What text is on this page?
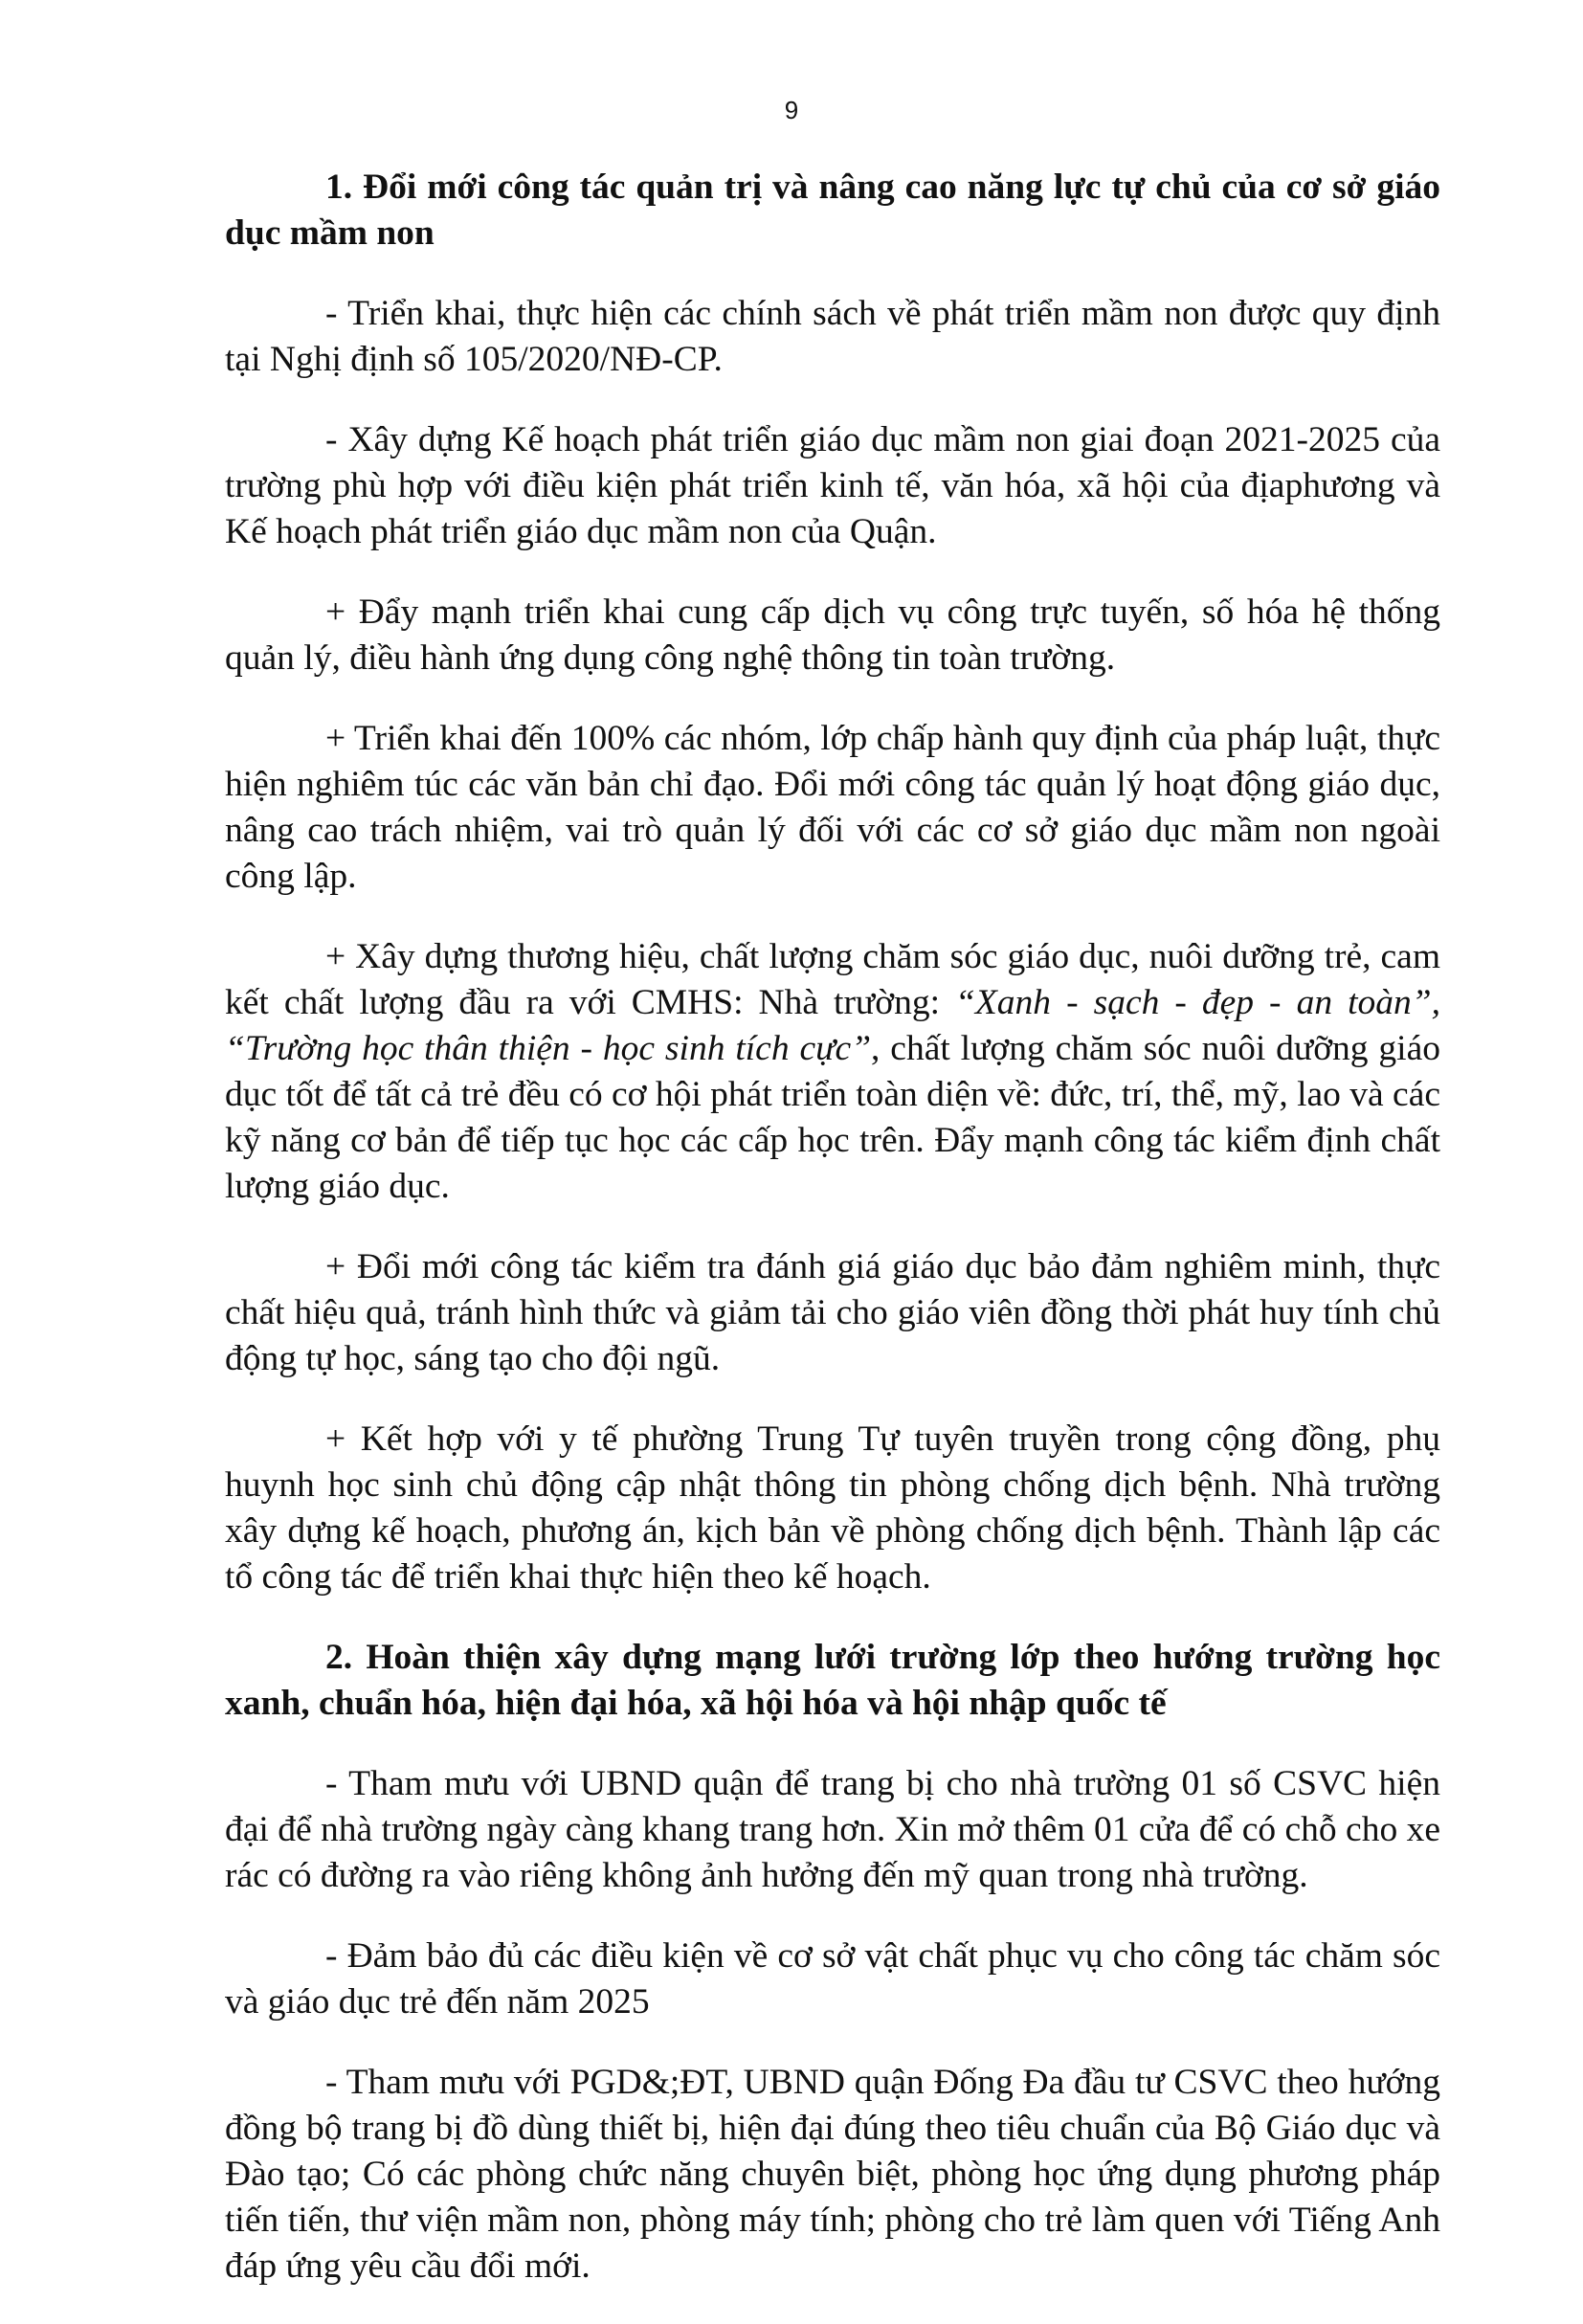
9

1. Đổi mới công tác quản trị và nâng cao năng lực tự chủ của cơ sở giáo dục mầm non

- Triển khai, thực hiện các chính sách về phát triển mầm non được quy định tại Nghị định số 105/2020/NĐ-CP.

- Xây dựng Kế hoạch phát triển giáo dục mầm non giai đoạn 2021-2025 của trường phù hợp với điều kiện phát triển kinh tế, văn hóa, xã hội của địaphương và Kế hoạch phát triển giáo dục mầm non của Quận.

+ Đẩy mạnh triển khai cung cấp dịch vụ công trực tuyến, số hóa hệ thống quản lý, điều hành ứng dụng công nghệ thông tin toàn trường.

+ Triển khai đến 100% các nhóm, lớp chấp hành quy định của pháp luật, thực hiện nghiêm túc các văn bản chỉ đạo. Đổi mới công tác quản lý hoạt động giáo dục, nâng cao trách nhiệm, vai trò quản lý đối với các cơ sở giáo dục mầm non ngoài công lập.

+ Xây dựng thương hiệu, chất lượng chăm sóc giáo dục, nuôi dưỡng trẻ, cam kết chất lượng đầu ra với CMHS: Nhà trường: “Xanh - sạch - đẹp - an toàn”, “Trường học thân thiện - học sinh tích cực”, chất lượng chăm sóc nuôi dưỡng giáo dục tốt để tất cả trẻ đều có cơ hội phát triển toàn diện về: đức, trí, thể, mỹ, lao và các kỹ năng cơ bản để tiếp tục học các cấp học trên. Đẩy mạnh công tác kiểm định chất lượng giáo dục.

+ Đổi mới công tác kiểm tra đánh giá giáo dục bảo đảm nghiêm minh, thực chất hiệu quả, tránh hình thức và giảm tải cho giáo viên đồng thời phát huy tính chủ động tự học, sáng tạo cho đội ngũ.

+ Kết hợp với y tế phường Trung Tự tuyên truyền trong cộng đồng, phụ huynh học sinh chủ động cập nhật thông tin phòng chống dịch bệnh. Nhà trường xây dựng kế hoạch, phương án, kịch bản về phòng chống dịch bệnh. Thành lập các tổ công tác để triển khai thực hiện theo kế hoạch.

2. Hoàn thiện xây dựng mạng lưới trường lớp theo hướng trường học xanh, chuẩn hóa, hiện đại hóa, xã hội hóa và hội nhập quốc tế

- Tham mưu với UBND quận để trang bị cho nhà trường 01 số CSVC hiện đại để nhà trường ngày càng khang trang hơn. Xin mở thêm 01 cửa để có chỗ cho xe rác có đường ra vào riêng không ảnh hưởng đến mỹ quan trong nhà trường.

- Đảm bảo đủ các điều kiện về cơ sở vật chất phục vụ cho công tác chăm sóc và giáo dục trẻ đến năm 2025

- Tham mưu với PGD&;ĐT, UBND quận Đống Đa đầu tư CSVC theo hướng đồng bộ trang bị đồ dùng thiết bị, hiện đại đúng theo tiêu chuẩn của Bộ Giáo dục và Đào tạo; Có các phòng chức năng chuyên biệt, phòng học ứng dụng phương pháp tiến tiến, thư viện mầm non, phòng máy tính; phòng cho trẻ làm quen với Tiếng Anh đáp ứng yêu cầu đổi mới.
